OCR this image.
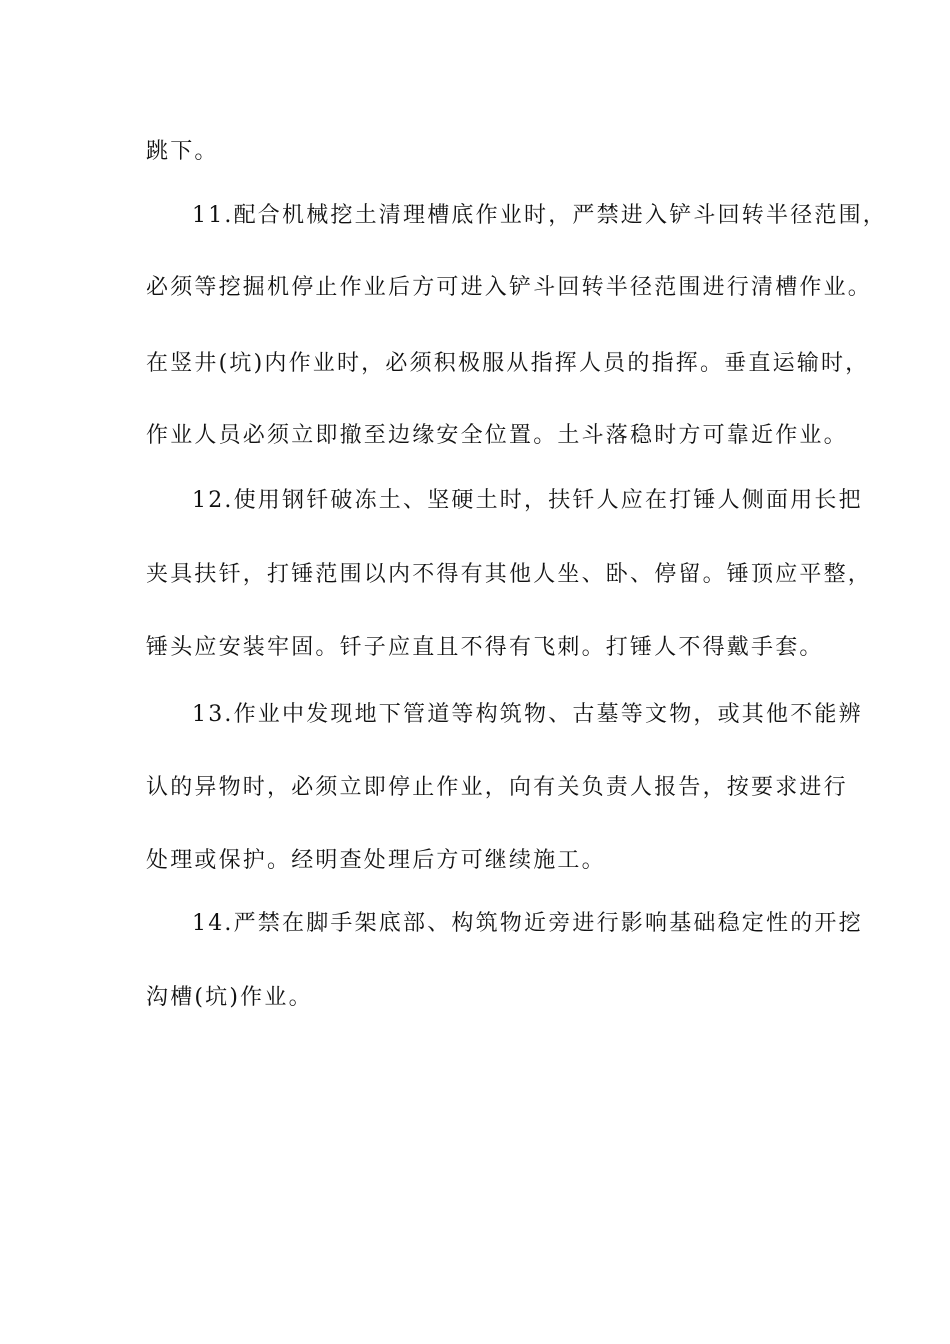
跳下。
11.配合机械挖土清理槽底作业时，严禁进入铲斗回转半径范围，
必须等挖掘机停止作业后方可进入铲斗回转半径范围进行清槽作业。
在竖井(坑)内作业时，必须积极服从指挥人员的指挥。垂直运输时，
作业人员必须立即撤至边缘安全位置。土斗落稳时方可靠近作业。
12.使用钢钎破冻土、坚硬土时，扶钎人应在打锤人侧面用长把
夹具扶钎，打锤范围以内不得有其他人坐、卧、停留。锤顶应平整，
锤头应安装牢固。钎子应直且不得有飞刺。打锤人不得戴手套。
13.作业中发现地下管道等构筑物、古墓等文物，或其他不能辨
认的异物时，必须立即停止作业，向有关负责人报告，按要求进行
处理或保护。经明查处理后方可继续施工。
14.严禁在脚手架底部、构筑物近旁进行影响基础稳定性的开挖
沟槽(坑)作业。
